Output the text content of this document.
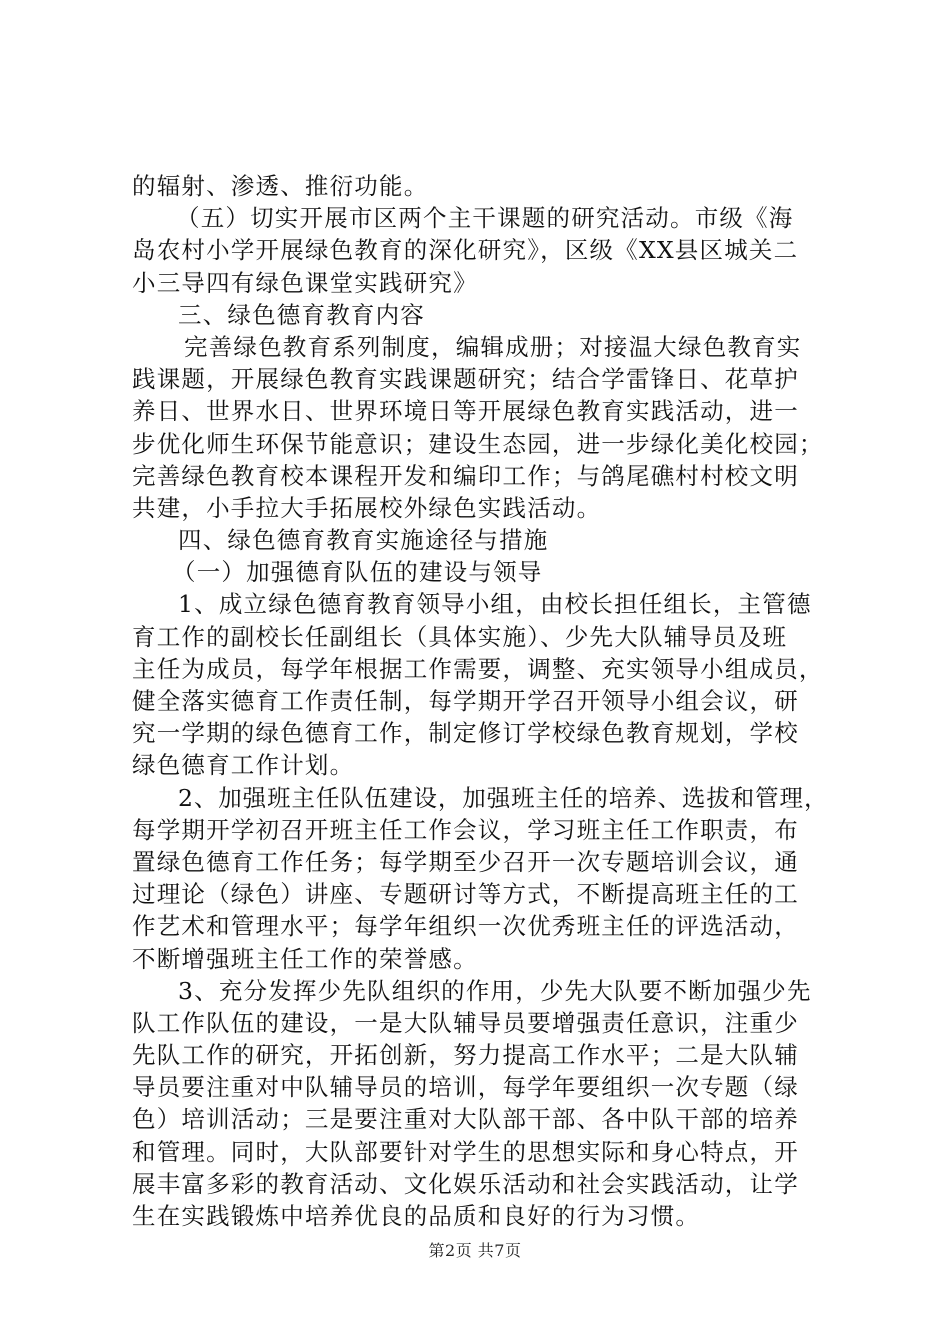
的辐射、渗透、推衍功能。
（五）切实开展市区两个主干课题的研究活动。市级《海
岛农村小学开展绿色教育的深化研究》，区级《XX县区城关二
小三导四有绿色课堂实践研究》
三、绿色德育教育内容
完善绿色教育系列制度，编辑成册；对接温大绿色教育实
践课题，开展绿色教育实践课题研究；结合学雷锋日、花草护
养日、世界水日、世界环境日等开展绿色教育实践活动，进一
步优化师生环保节能意识；建设生态园，进一步绿化美化校园；
完善绿色教育校本课程开发和编印工作；与鸽尾礁村村校文明
共建，小手拉大手拓展校外绿色实践活动。
四、绿色德育教育实施途径与措施
（一）加强德育队伍的建设与领导
1、成立绿色德育教育领导小组，由校长担任组长，主管德
育工作的副校长任副组长（具体实施）、少先大队辅导员及班
主任为成员，每学年根据工作需要，调整、充实领导小组成员，
健全落实德育工作责任制，每学期开学召开领导小组会议，研
究一学期的绿色德育工作，制定修订学校绿色教育规划，学校
绿色德育工作计划。
2、加强班主任队伍建设，加强班主任的培养、选拔和管理，
每学期开学初召开班主任工作会议，学习班主任工作职责，布
置绿色德育工作任务；每学期至少召开一次专题培训会议，通
过理论（绿色）讲座、专题研讨等方式，不断提高班主任的工
作艺术和管理水平；每学年组织一次优秀班主任的评选活动，
不断增强班主任工作的荣誉感。
3、充分发挥少先队组织的作用，少先大队要不断加强少先
队工作队伍的建设，一是大队辅导员要增强责任意识，注重少
先队工作的研究，开拓创新，努力提高工作水平；二是大队辅
导员要注重对中队辅导员的培训，每学年要组织一次专题（绿
色）培训活动；三是要注重对大队部干部、各中队干部的培养
和管理。同时，大队部要针对学生的思想实际和身心特点，开
展丰富多彩的教育活动、文化娱乐活动和社会实践活动，让学
生在实践锻炼中培养优良的品质和良好的行为习惯。
第2页 共7页
